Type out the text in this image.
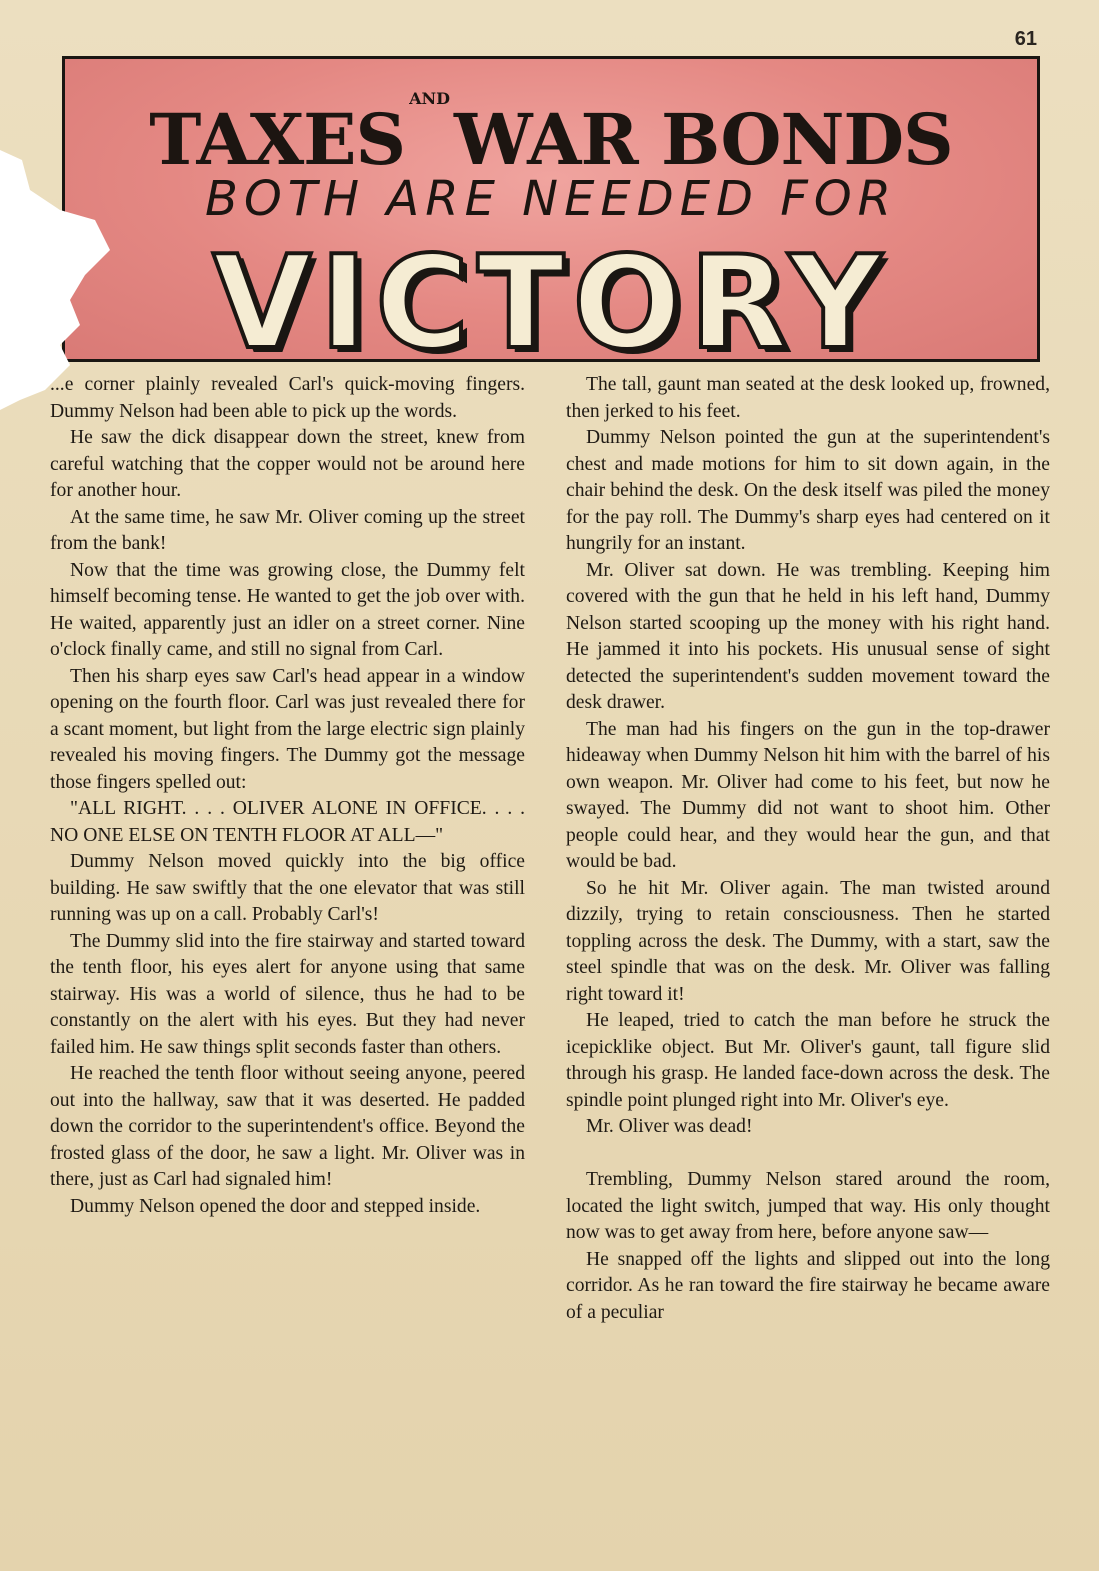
61
TAXES ANDWAR BONDS
BOTH ARE NEEDED FOR
VICTORY

...e corner plainly revealed Carl's quick-moving fingers. Dummy Nelson had been able to pick up the words.

He saw the dick disappear down the street, knew from careful watching that the copper would not be around here for another hour.

At the same time, he saw Mr. Oliver coming up the street from the bank!

Now that the time was growing close, the Dummy felt himself becoming tense. He wanted to get the job over with. He waited, apparently just an idler on a street corner. Nine o'clock finally came, and still no signal from Carl.

Then his sharp eyes saw Carl's head appear in a window opening on the fourth floor. Carl was just revealed there for a scant moment, but light from the large electric sign plainly revealed his moving fingers. The Dummy got the message those fingers spelled out:

"ALL RIGHT. . . . OLIVER ALONE IN OFFICE. . . . NO ONE ELSE ON TENTH FLOOR AT ALL—"

Dummy Nelson moved quickly into the big office building. He saw swiftly that the one elevator that was still running was up on a call. Probably Carl's!

The Dummy slid into the fire stairway and started toward the tenth floor, his eyes alert for anyone using that same stairway. His was a world of silence, thus he had to be constantly on the alert with his eyes. But they had never failed him. He saw things split seconds faster than others.

He reached the tenth floor without seeing anyone, peered out into the hallway, saw that it was deserted. He padded down the corridor to the superintendent's office. Beyond the frosted glass of the door, he saw a light. Mr. Oliver was in there, just as Carl had signaled him!

Dummy Nelson opened the door and stepped inside.

The tall, gaunt man seated at the desk looked up, frowned, then jerked to his feet.

Dummy Nelson pointed the gun at the superintendent's chest and made motions for him to sit down again, in the chair behind the desk. On the desk itself was piled the money for the pay roll. The Dummy's sharp eyes had centered on it hungrily for an instant.

Mr. Oliver sat down. He was trembling. Keeping him covered with the gun that he held in his left hand, Dummy Nelson started scooping up the money with his right hand. He jammed it into his pockets. His unusual sense of sight detected the superintendent's sudden movement toward the desk drawer.

The man had his fingers on the gun in the top-drawer hideaway when Dummy Nelson hit him with the barrel of his own weapon. Mr. Oliver had come to his feet, but now he swayed. The Dummy did not want to shoot him. Other people could hear, and they would hear the gun, and that would be bad.

So he hit Mr. Oliver again. The man twisted around dizzily, trying to retain consciousness. Then he started toppling across the desk. The Dummy, with a start, saw the steel spindle that was on the desk. Mr. Oliver was falling right toward it!

He leaped, tried to catch the man before he struck the icepicklike object. But Mr. Oliver's gaunt, tall figure slid through his grasp. He landed face-down across the desk. The spindle point plunged right into Mr. Oliver's eye.

Mr. Oliver was dead!

Trembling, Dummy Nelson stared around the room, located the light switch, jumped that way. His only thought now was to get away from here, before anyone saw—

He snapped off the lights and slipped out into the long corridor. As he ran toward the fire stairway he became aware of a peculiar
